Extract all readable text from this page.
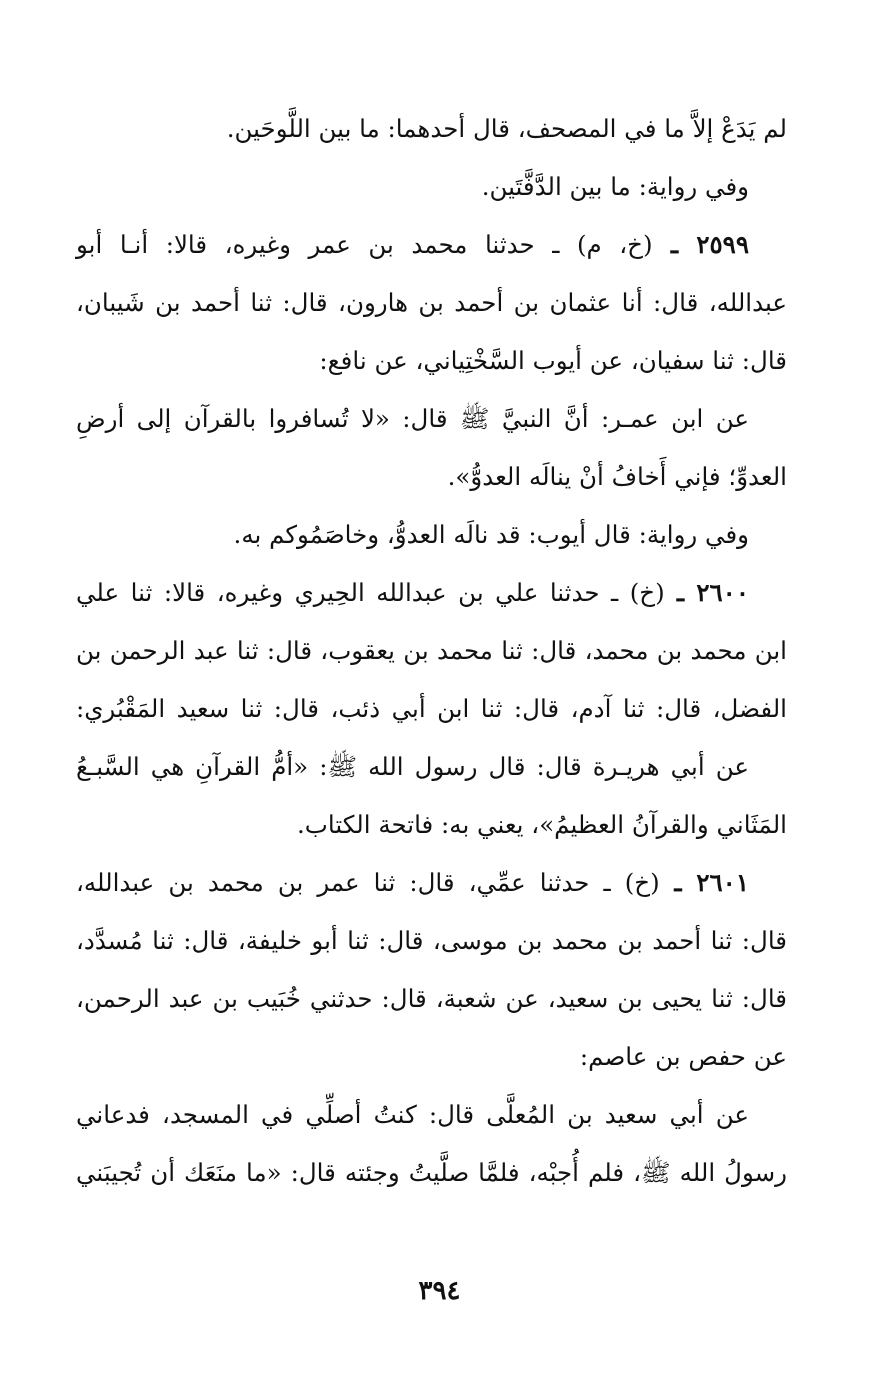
لم يَدَعْ إلاَّ ما في المصحف، قال أحدهما: ما بين اللَّوحَين.
وفي رواية: ما بين الدَّفَّتَين.
٢٥٩٩ ـ (خ، م) ـ حدثنا محمد بن عمر وغيره، قالا: أنـا أبو
عبدالله، قال: أنا عثمان بن أحمد بن هارون، قال: ثنا أحمد بن شَيبان،
قال: ثنا سفيان، عن أيوب السَّخْتِياني، عن نافع:
عن ابن عمـر: أنَّ النبيَّ ﷺ قال: «لا تُسافروا بالقرآن إلى أرضِ
العدوِّ؛ فإني أَخافُ أنْ ينالَه العدوُّ».
وفي رواية: قال أيوب: قد نالَه العدوُّ، وخاصَمُوكم به.
٢٦٠٠ ـ (خ) ـ حدثنا علي بن عبدالله الحِيري وغيره، قالا: ثنا علي
ابن محمد بن محمد، قال: ثنا محمد بن يعقوب، قال: ثنا عبد الرحمن بن
الفضل، قال: ثنا آدم، قال: ثنا ابن أبي ذئب، قال: ثنا سعيد المَقْبُري:
عن أبي هريـرة قال: قال رسول الله ﷺ: «أمُّ القرآنِ هي السَّبـعُ
المَثَاني والقرآنُ العظيمُ»، يعني به: فاتحة الكتاب.
٢٦٠١ ـ (خ) ـ حدثنا عمِّي، قال: ثنا عمر بن محمد بن عبدالله،
قال: ثنا أحمد بن محمد بن موسى، قال: ثنا أبو خليفة، قال: ثنا مُسدَّد،
قال: ثنا يحيى بن سعيد، عن شعبة، قال: حدثني خُبَيب بن عبد الرحمن،
عن حفص بن عاصم:
عن أبي سعيد بن المُعلَّى قال: كنتُ أصلِّي في المسجد، فدعاني
رسولُ الله ﷺ، فلم أُجبْه، فلمَّا صلَّيتُ وجئته قال: «ما منَعَك أن تُجيبَني
٣٩٤
